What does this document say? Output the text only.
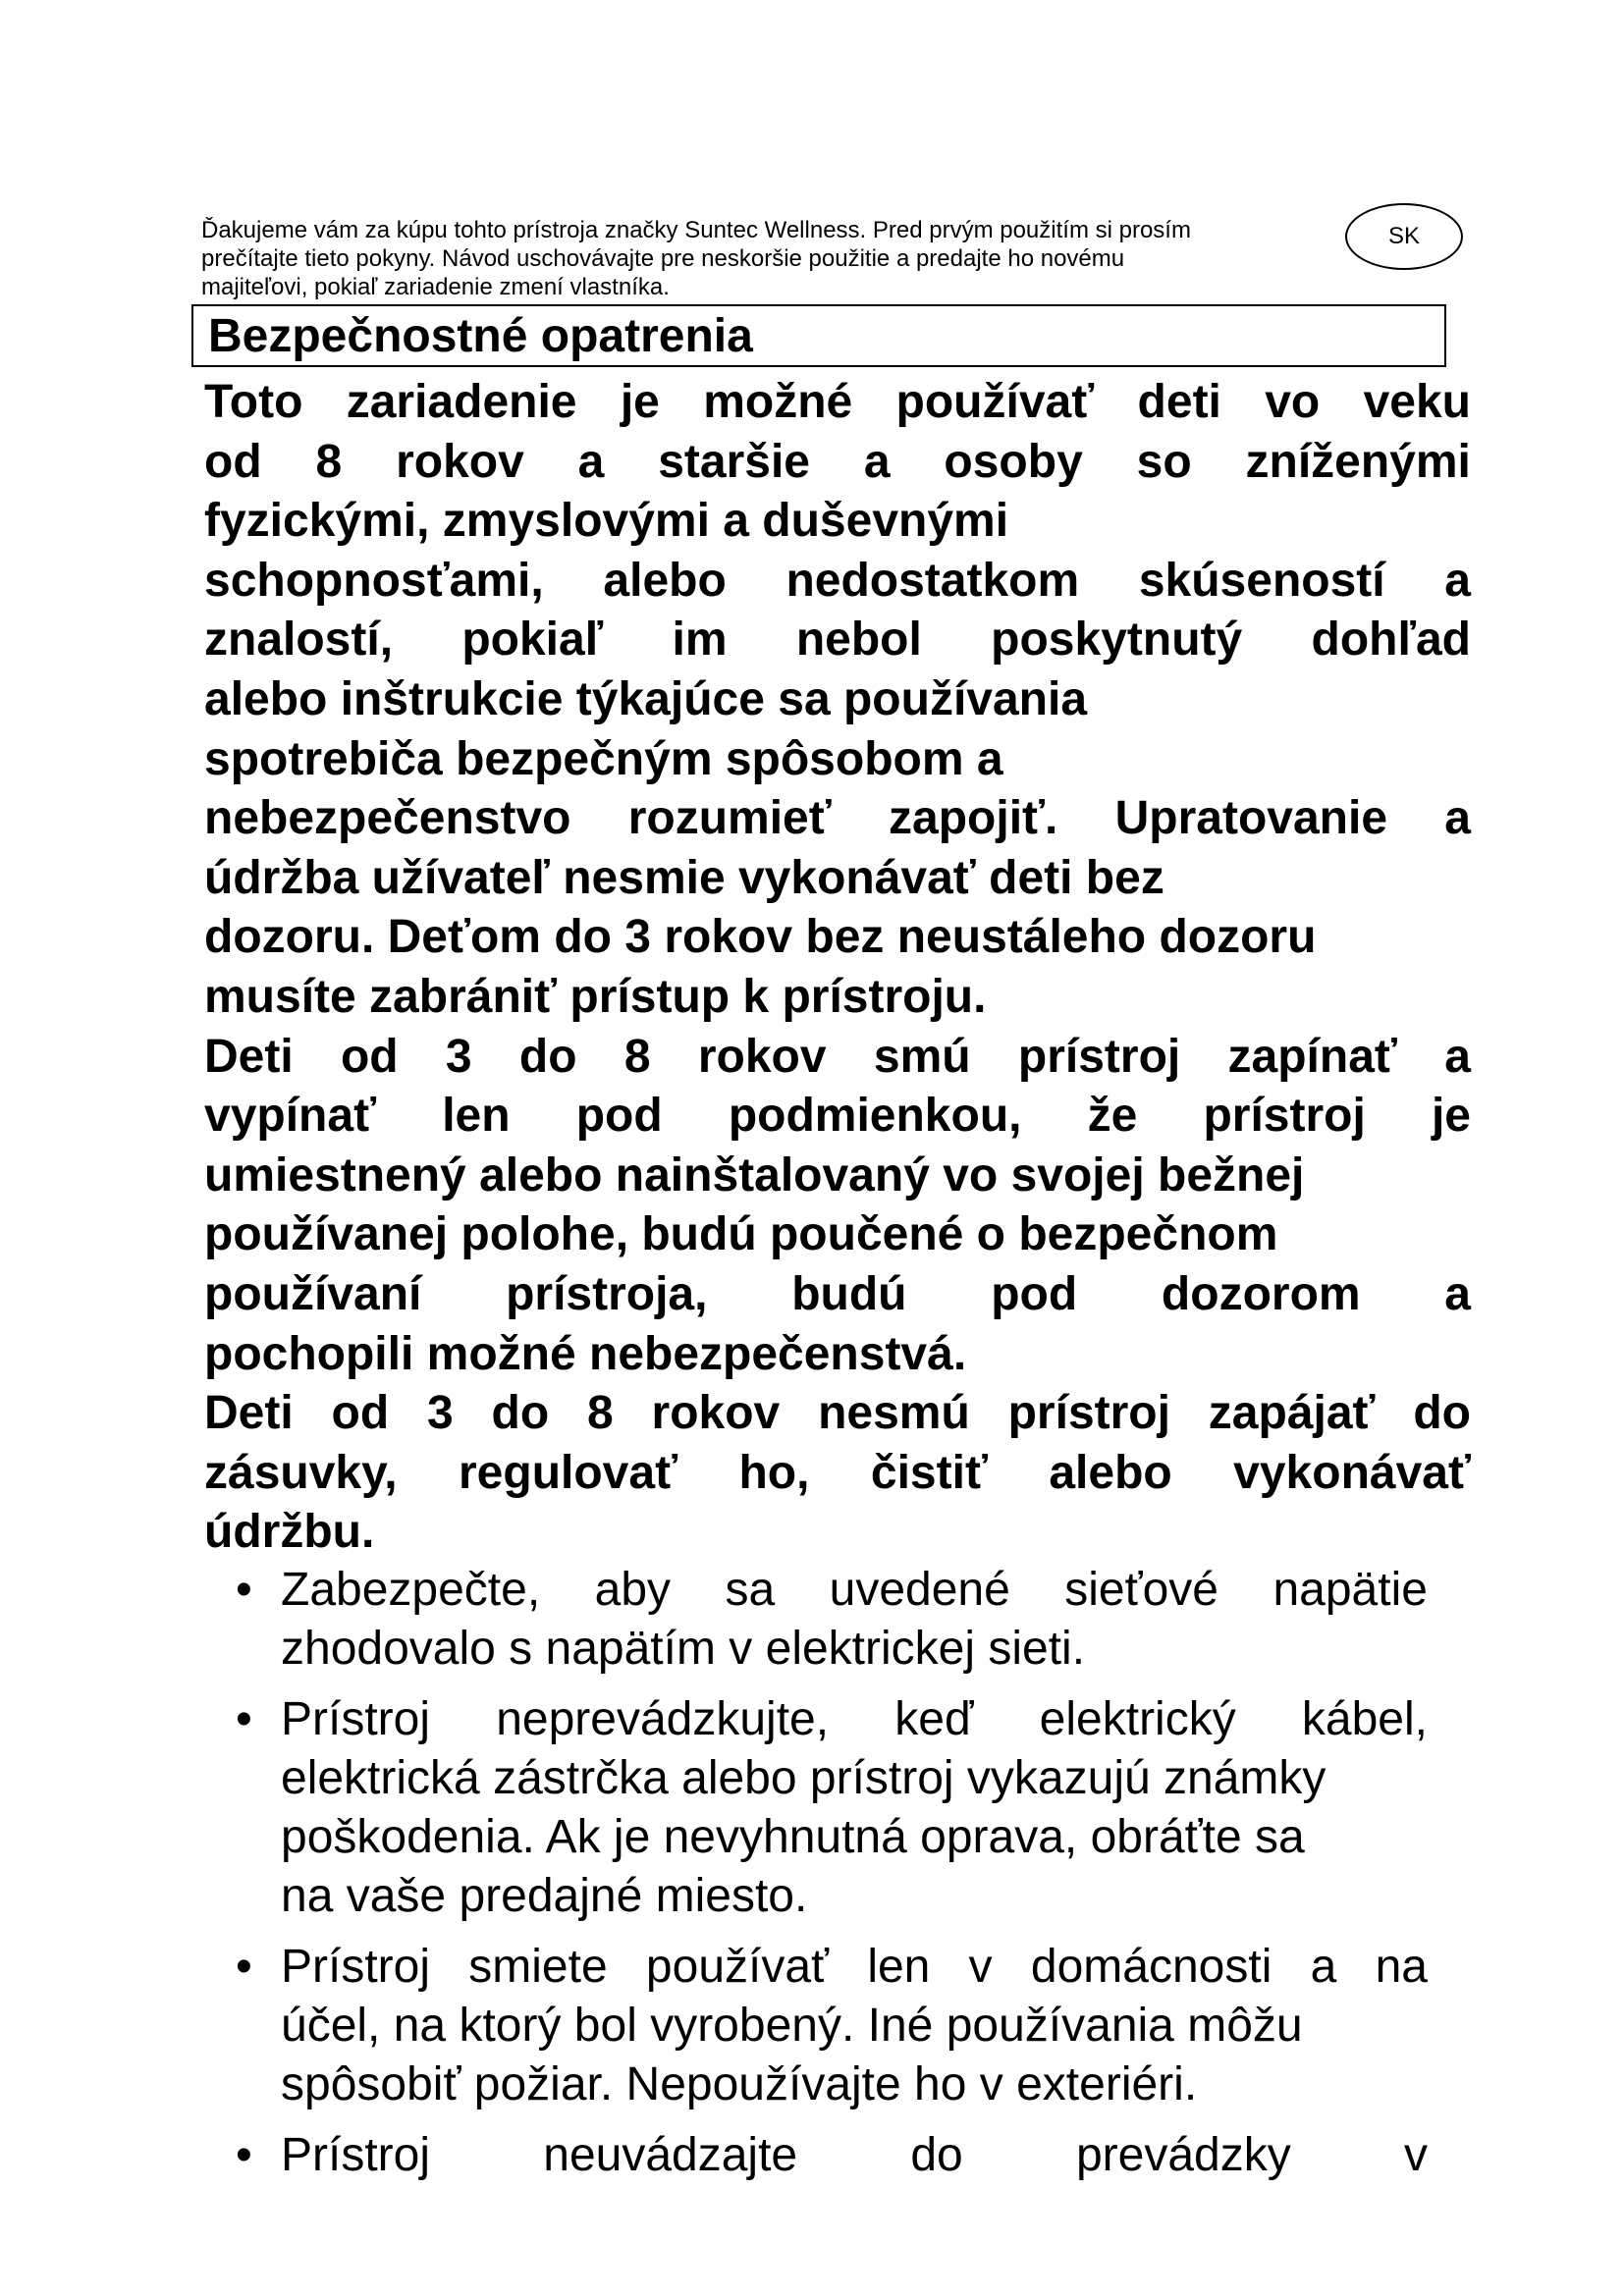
Ďakujeme vám za kúpu tohto prístroja značky Suntec Wellness. Pred prvým použitím si prosím
prečítajte tieto pokyny. Návod uschovávajte pre neskoršie použitie a predajte ho novému
majiteľovi, pokiaľ zariadenie zmení vlastníka.
SK
Bezpečnostné opatrenia
Toto zariadenie je možné používať deti vo veku
od 8 rokov a staršie a osoby so zníženými
fyzickými, zmyslovými a duševnými
schopnosťami, alebo nedostatkom skúseností a
znalostí, pokiaľ im nebol poskytnutý dohľad
alebo inštrukcie týkajúce sa používania
spotrebiča bezpečným spôsobom a
nebezpečenstvo rozumieť zapojiť. Upratovanie a
údržba užívateľ nesmie vykonávať deti bez
dozoru. Deťom do 3 rokov bez neustáleho dozoru
musíte zabrániť prístup k prístroju.
Deti od 3 do 8 rokov smú prístroj zapínať a
vypínať len pod podmienkou, že prístroj je
umiestnený alebo nainštalovaný vo svojej bežnej
používanej polohe, budú poučené o bezpečnom
používaní prístroja, budú pod dozorom a
pochopili možné nebezpečenstvá.
Deti od 3 do 8 rokov nesmú prístroj zapájať do
zásuvky, regulovať ho, čistiť alebo vykonávať
údržbu.
• Zabezpečte, aby sa uvedené sieťové napätie
zhodovalo s napätím v elektrickej sieti.
• Prístroj neprevádzkujte, keď elektrický kábel,
elektrická zástrčka alebo prístroj vykazujú známky
poškodenia. Ak je nevyhnutná oprava, obráťte sa
na vaše predajné miesto.
• Prístroj smiete používať len v domácnosti a na
účel, na ktorý bol vyrobený. Iné používania môžu
spôsobiť požiar. Nepoužívajte ho v exteriéri.
• Prístroj neuvádzajte do prevádzky v
